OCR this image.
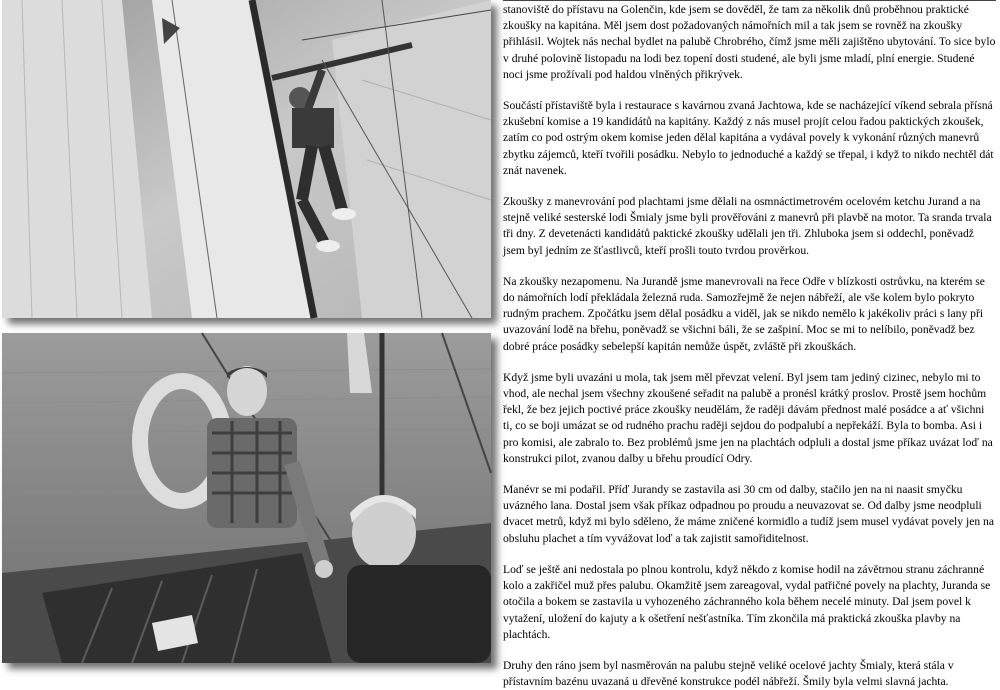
stanoviště do přístavu na Golenčin, kde jsem se dověděl, že tam za několik dnů proběhnou praktické zkoušky na kapitána. Měl jsem dost požadovaných námořních mil a tak jsem se rovněž na zkoušky přihlásil. Wojtek nás nechal bydlet na palubě Chrobrého, čímž jsme měli zajištěno ubytování. To sice bylo v druhé polovině listopadu na lodi bez topení dosti studené, ale byli jsme mladí, plní energie. Studené noci jsme prožívali pod haldou vlněných přikrývek.

Součástí přístaviště byla i restaurace s kavárnou zvaná Jachtowa, kde se nacházející víkend sebrala přísná zkušební komise a 19 kandidátů na kapitány. Každý z nás musel projít celou řadou paktických zkoušek, zatím co pod ostrým okem komise jeden dělal kapitána a vydával povely k vykonání různých manevrů zbytku zájemců, kteří tvořili posádku. Nebylo to jednoduché a každý se třepal, i když to nikdo nechtěl dát znát navenek.

Zkoušky z manevrování pod plachtami jsme dělali na osmnáctimetrovém ocelovém ketchu Jurand a na stejně veliké sesterské lodi Šmialy jsme byli prověřováni z manevrů při plavbě na motor. Ta sranda trvala tři dny. Z devetenácti kandidátů paktické zkoušky udělali jen tři. Zhluboka jsem si oddechl, poněvadž jsem byl jedním ze šťastlivců, kteří prošli touto tvrdou prověrkou.

Na zkoušky nezapomenu. Na Jurandě jsme manevrovali na řece Odře v blízkosti ostrůvku, na kterém se do námořních lodí překládala železná ruda. Samozřejmě že nejen nábřeží, ale vše kolem bylo pokryto rudným prachem. Zpočátku jsem dělal posádku a viděl, jak se nikdo nemělo k jakékoliv práci s lany při uvazování lodě na břehu, poněvadž se všichni báli, že se zašpiní. Moc se mi to nelíbilo, poněvadž bez dobré práce posádky sebelepší kapitán nemůže úspět, zvláště při zkouškách.

Když jsme byli uvazáni u mola, tak jsem měl převzat velení. Byl jsem tam jediný cizinec, nebylo mi to vhod, ale nechal jsem všechny zkoušené seřadit na palubě a pronésl krátký proslov. Prostě jsem hochům řekl, že bez jejich poctivé práce zkoušky neudělám, že raději dávám přednost malé posádce a ať všichni ti, co se boji umázat se od rudného prachu raději sejdou do podpalubí a nepřekáží. Byla to bomba. Asi i pro komisi, ale zabralo to. Bez problémů jsme jen na plachtách odpluli a dostal jsme příkaz uvázat loď na konstrukci pilot, zvanou dalby u břehu proudící Odry.

Manévr se mi podařil. Příď Jurandy se zastavila asi 30 cm od dalby, stačilo jen na ni naasit smyčku uvázného lana. Dostal jsem však příkaz odpadnou po proudu a neuvazovat se. Od dalby jsme neodpluli dvacet metrů, když mi bylo sděleno, že máme zničené kormidlo a tudíž jsem musel vydávat povely jen na obsluhu plachet a tím vyvážovat loď a tak zajistit samořiditelnost.

Loď se ještě ani nedostala po plnou kontrolu, když někdo z komise hodil na závětrnou stranu záchranné kolo a zakřičel muž přes palubu. Okamžitě jsem zareagoval, vydal patřičné povely na plachty, Juranda se otočila a bokem se zastavila u vyhozeného záchranného kola během necelé minuty. Dal jsem povel k vytažení, uložení do kajuty a k ošetření nešťastníka. Tím zkončila má praktická zkouška plavby na plachtách.

Druhy den ráno jsem byl nasměrován na palubu stejně veliké ocelové jachty Šmialy, která stála v přístavním bazénu uvazaná u dřevěné konstrukce podél nábřeží. Šmily byla velmi slavná jachta.
